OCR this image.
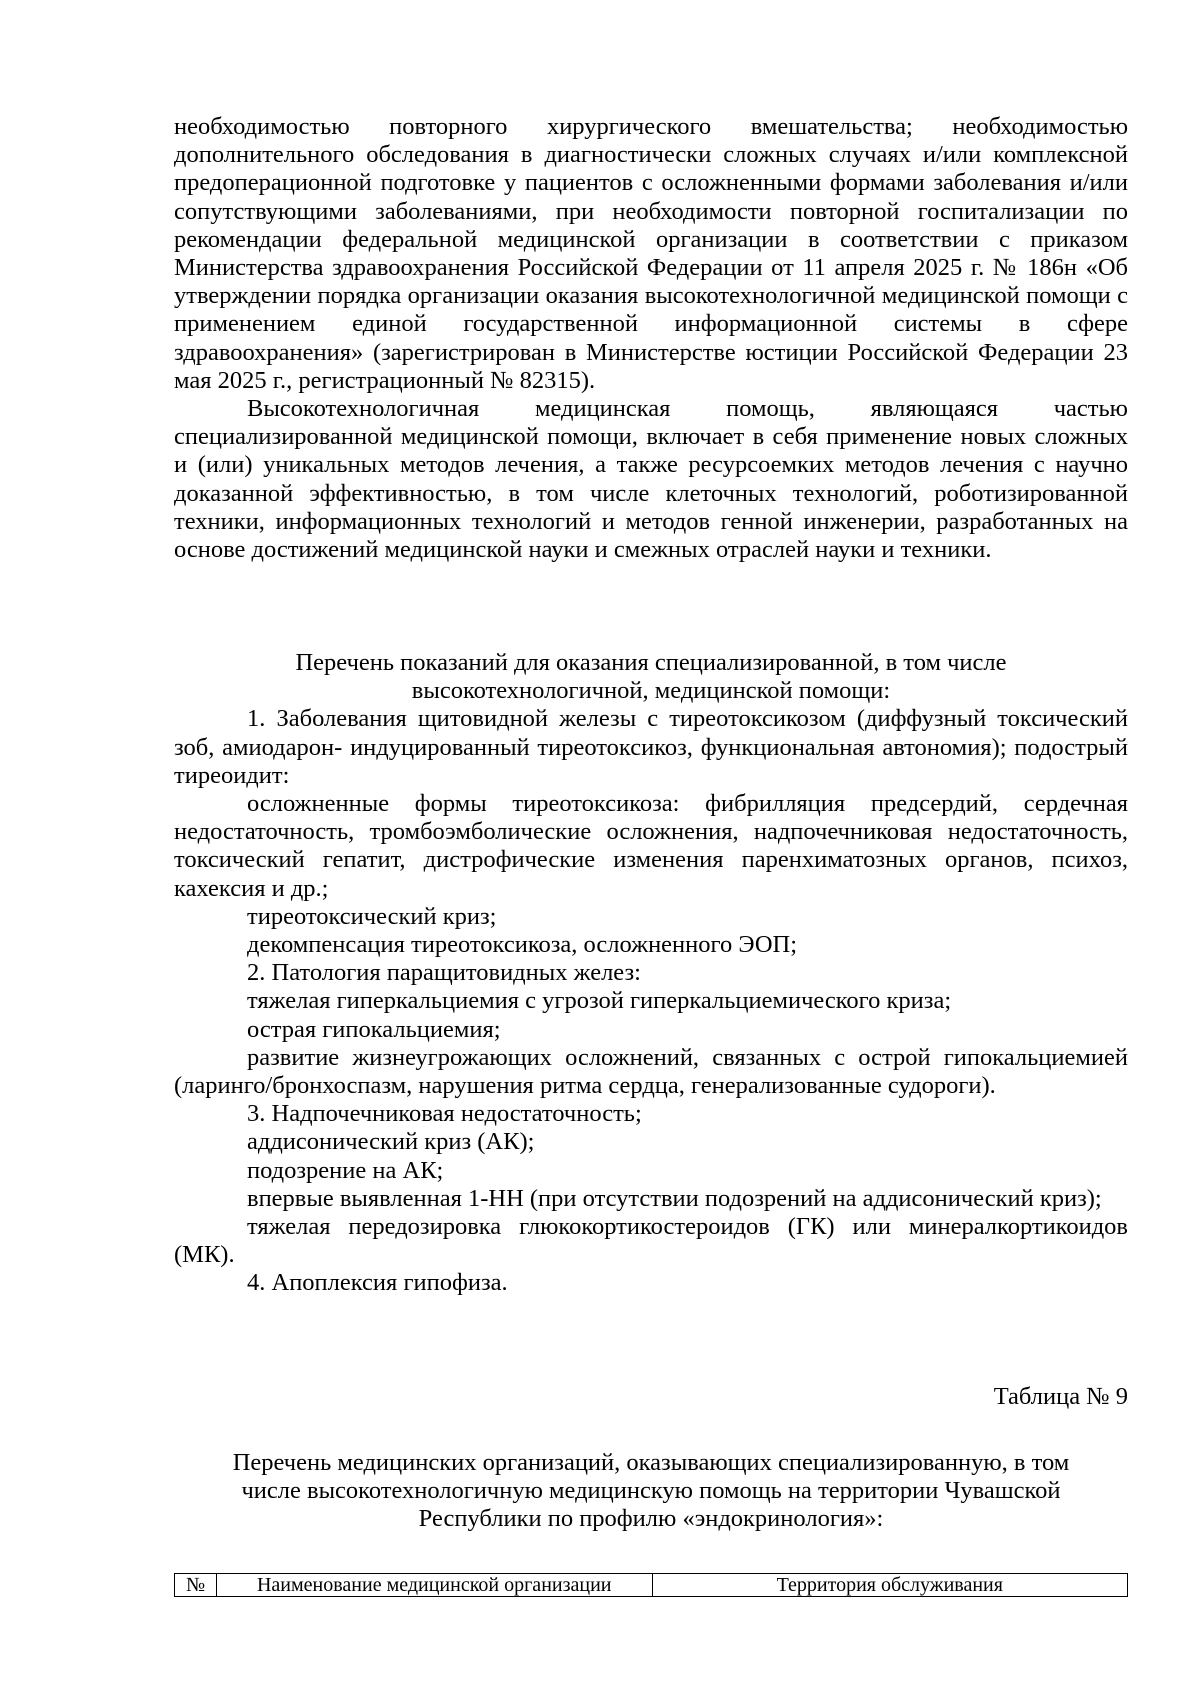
необходимостью повторного хирургического вмешательства; необходимостью дополнительного обследования в диагностически сложных случаях и/или комплексной предоперационной подготовке у пациентов с осложненными формами заболевания и/или сопутствующими заболеваниями, при необходимости повторной госпитализации по рекомендации федеральной медицинской организации в соответствии с приказом Министерства здравоохранения Российской Федерации от 11 апреля 2025 г. № 186н «Об утверждении порядка организации оказания высокотехнологичной медицинской помощи с применением единой государственной информационной системы в сфере здравоохранения» (зарегистрирован в Министерстве юстиции Российской Федерации 23 мая 2025 г., регистрационный № 82315).

Высокотехнологичная медицинская помощь, являющаяся частью специализированной медицинской помощи, включает в себя применение новых сложных и (или) уникальных методов лечения, а также ресурсоемких методов лечения с научно доказанной эффективностью, в том числе клеточных технологий, роботизированной техники, информационных технологий и методов генной инженерии, разработанных на основе достижений медицинской науки и смежных отраслей науки и техники.

Перечень показаний для оказания специализированной, в том числе

высокотехнологичной, медицинской помощи:

1. Заболевания щитовидной железы с тиреотоксикозом (диффузный токсический зоб, амиодарон- индуцированный тиреотоксикоз, функциональная автономия); подострый тиреоидит:

осложненные формы тиреотоксикоза: фибрилляция предсердий, сердечная недостаточность, тромбоэмболические осложнения, надпочечниковая недостаточность, токсический гепатит, дистрофические изменения паренхиматозных органов, психоз, кахексия и др.;

тиреотоксический криз;

декомпенсация тиреотоксикоза, осложненного ЭОП;

2. Патология паращитовидных желез:

тяжелая гиперкальциемия с угрозой гиперкальциемического криза;

острая гипокальциемия;

развитие жизнеугрожающих осложнений, связанных с острой гипокальциемией (ларинго/бронхоспазм, нарушения ритма сердца, генерализованные судороги).

3. Надпочечниковая недостаточность;

аддисонический криз (АК);

подозрение на АК;

впервые выявленная 1-НН (при отсутствии подозрений на аддисонический криз);

тяжелая передозировка глюкокортикостероидов (ГК) или минералкортикоидов (МК).

4. Апоплексия гипофиза.

Таблица № 9

Перечень медицинских организаций, оказывающих специализированную, в том

числе высокотехнологичную медицинскую помощь на территории Чувашской

Республики по профилю «эндокринология»:

№	Наименование медицинской организации	Территория обслуживания
